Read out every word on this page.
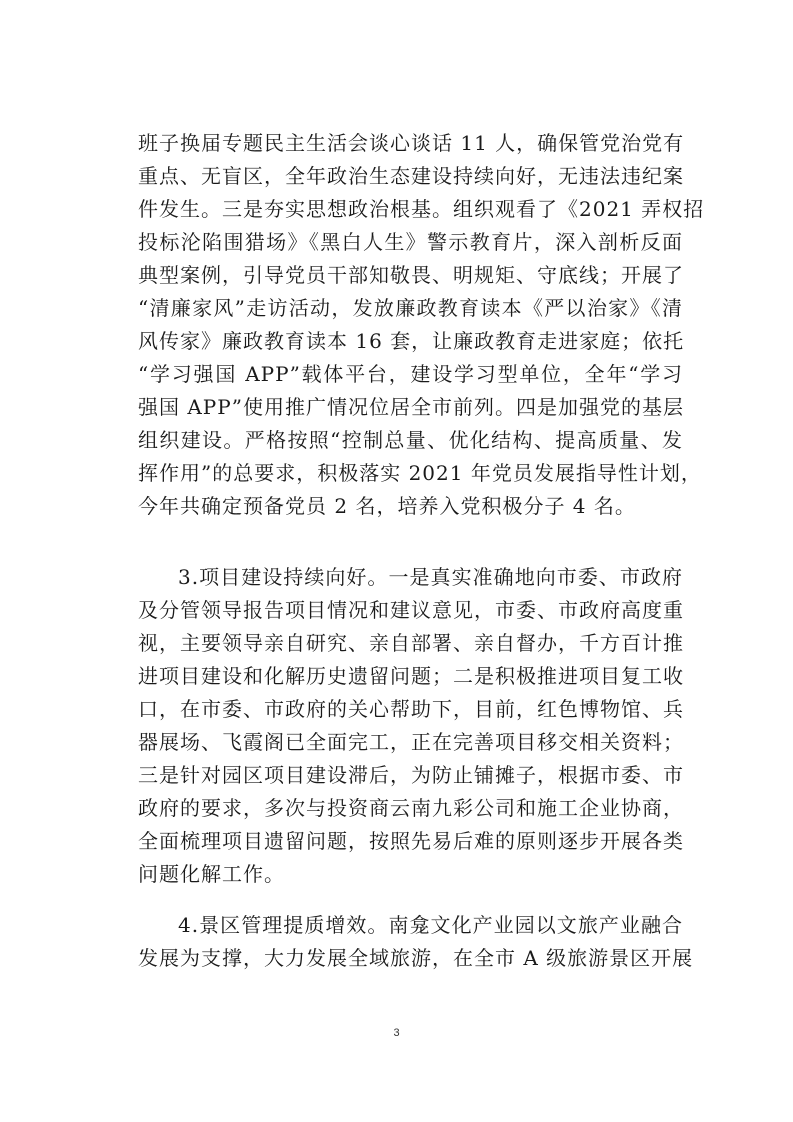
班子换届专题民主生活会谈心谈话 11 人，确保管党治党有
重点、无盲区，全年政治生态建设持续向好，无违法违纪案
件发生。三是夯实思想政治根基。组织观看了《2021 弄权招
投标沦陷围猎场》《黑白人生》警示教育片，深入剖析反面
典型案例，引导党员干部知敬畏、明规矩、守底线；开展了
“清廉家风”走访活动，发放廉政教育读本《严以治家》《清
风传家》廉政教育读本 16 套，让廉政教育走进家庭；依托
“学习强国 APP”载体平台，建设学习型单位，全年“学习
强国 APP”使用推广情况位居全市前列。四是加强党的基层
组织建设。严格按照“控制总量、优化结构、提高质量、发
挥作用”的总要求，积极落实 2021 年党员发展指导性计划，
今年共确定预备党员 2 名，培养入党积极分子 4 名。
3.项目建设持续向好。一是真实准确地向市委、市政府
及分管领导报告项目情况和建议意见，市委、市政府高度重
视，主要领导亲自研究、亲自部署、亲自督办，千方百计推
进项目建设和化解历史遗留问题；二是积极推进项目复工收
口，在市委、市政府的关心帮助下，目前，红色博物馆、兵
器展场、飞霞阁已全面完工，正在完善项目移交相关资料；
三是针对园区项目建设滞后，为防止铺摊子，根据市委、市
政府的要求，多次与投资商云南九彩公司和施工企业协商，
全面梳理项目遗留问题，按照先易后难的原则逐步开展各类
问题化解工作。
4.景区管理提质增效。南龛文化产业园以文旅产业融合
发展为支撑，大力发展全域旅游，在全市 A 级旅游景区开展
3
